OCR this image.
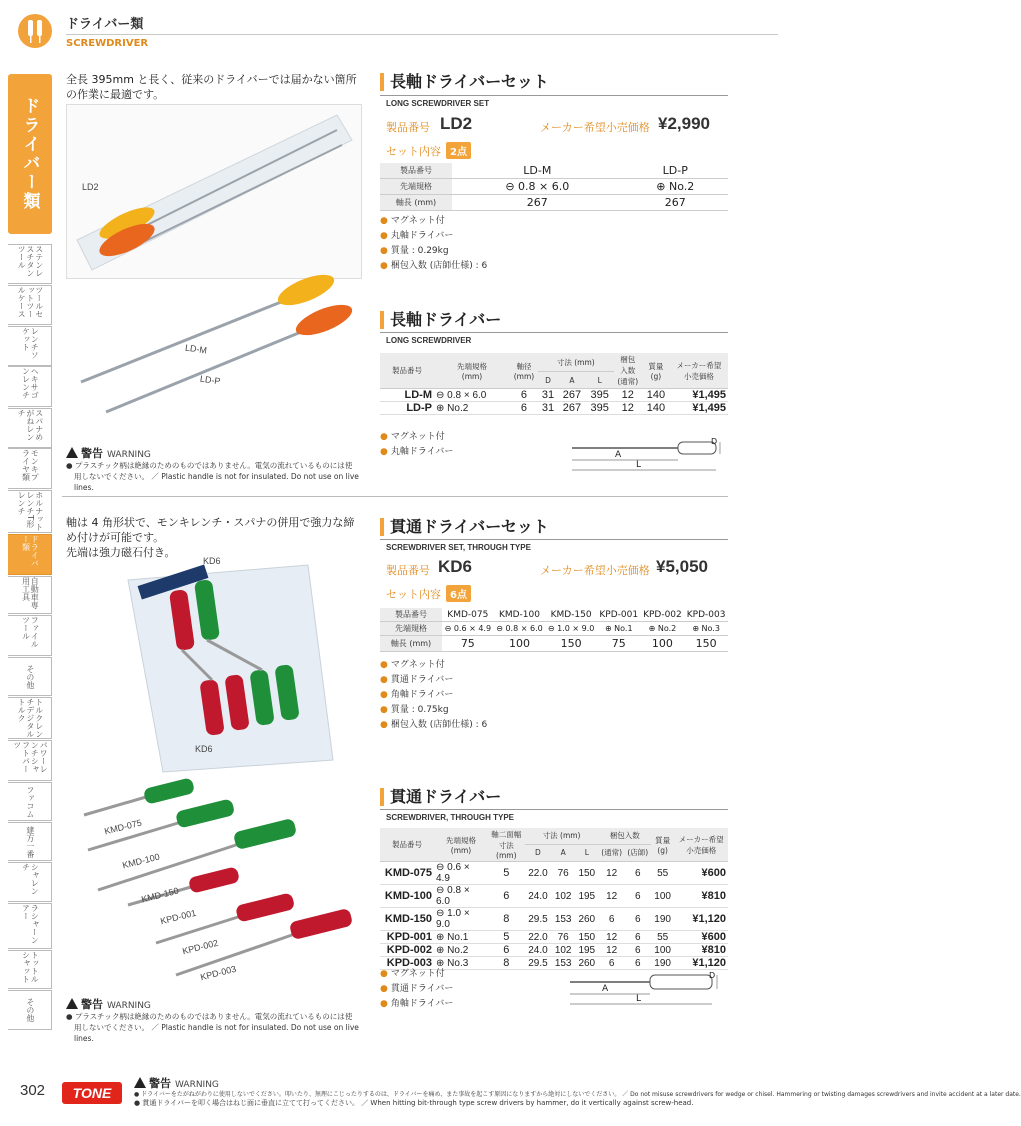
ドライバー類
SCREWDRIVER
ドライバー類
ステンレスチタンツール
ツールセットツールケース
レンチソケット
ヘキサゴンレンチ
スパナめがねレンチ
モンキプライヤ類
ホルナットレンチT形レンチ
ドライバー類
自動車専用工具
ファイルツール
その他
トルクレンチデジタルトルク
パワーレンチシャフトパーツ
ファコム
建方一番
シャレンチ
ラシャーンアー
トットルシャット
その他
全長 395mm と長く、従来のドライバーでは届かない箇所
の作業に最適です。
LD2
LD-M
LD-P
長軸ドライバーセット
LONG SCREWDRIVER SET
製品番号 LD2	メーカー希望小売価格 ¥2,990
セット内容 2点
製品番号	LD-M	LD-P
先端規格	⊖ 0.8 × 6.0	⊕ No.2
軸長 (mm)	267	267
● マグネット付
● 丸軸ドライバー
● 質量 : 0.29kg
● 梱包入数 (店師仕様) : 6
長軸ドライバー
LONG SCREWDRIVER
製品番号	先端規格
(mm)	軸径
(mm)	寸法 (mm)			梱包
入数
(通常)	質量
(g)	メーカー希望
小売価格
			D	A	L			
LD-M	⊖ 0.8 × 6.0	6	31	267	395	12	140	¥1,495
LD-P	⊕ No.2	6	31	267	395	12	140	¥1,495
● マグネット付
● 丸軸ドライバー	A
L
D
警告 WARNING
● プラスチック柄は絶縁のためのものではありません。電気の流れているものには使
用しないでください。 ／ Plastic handle is not for insulated. Do not use on live lines.
軸は 4 角形状で、モンキレンチ・スパナの併用で強力な締
め付けが可能です。
先端は強力磁石付き。
KD6
KD6
貫通ドライバーセット
SCREWDRIVER SET, THROUGH TYPE
製品番号 KD6	メーカー希望小売価格 ¥5,050
セット内容 6点
製品番号	KMD-075	KMD-100	KMD-150	KPD-001	KPD-002	KPD-003
先端規格	⊖ 0.6 × 4.9	⊖ 0.8 × 6.0	⊖ 1.0 × 9.0	⊕ No.1	⊕ No.2	⊕ No.3
軸長 (mm)	75	100	150	75	100	150
● マグネット付
● 貫通ドライバー
● 角軸ドライバー
● 質量 : 0.75kg
● 梱包入数 (店師仕様) : 6
KMD-075
KMD-100
KMD-150
KPD-001
KPD-002
KPD-003
貫通ドライバー
SCREWDRIVER, THROUGH TYPE
製品番号	先端規格
(mm)	軸二面幅
寸法
(mm)	寸法 (mm)			梱包入数		質量
(g)	メーカー希望
小売価格
			D	A	L	(通常)	(店師)		
KMD-075	⊖ 0.6 × 4.9	5	22.0	76	150	12	6	55	¥600
KMD-100	⊖ 0.8 × 6.0	6	24.0	102	195	12	6	100	¥810
KMD-150	⊖ 1.0 × 9.0	8	29.5	153	260	6	6	190	¥1,120
KPD-001	⊕ No.1	5	22.0	76	150	12	6	55	¥600
KPD-002	⊕ No.2	6	24.0	102	195	12	6	100	¥810
KPD-003	⊕ No.3	8	29.5	153	260	6	6	190	¥1,120
● マグネット付
● 貫通ドライバー
● 角軸ドライバー
A
L
D
警告 WARNING
● プラスチック柄は絶縁のためのものではありません。電気の流れているものには使
用しないでください。 ／ Plastic handle is not for insulated. Do not use on live lines.
302	TONE
警告 WARNING
● ドライバーをたがねがわりに使用しないでください。叩いたり、無理にこじったりするのは、ドライバーを痛め、また事故を起こす原因になりますから絶対にしないでください。 ／ Do not misuse screwdrivers for wedge or chisel. Hammering or twisting damages screwdrivers and invite accident at a later date.
● 貫通ドライバーを叩く場合はねじ面に垂直に立てて打ってください。 ／ When hitting bit-through type screw drivers by hammer, do it vertically against screw-head.
